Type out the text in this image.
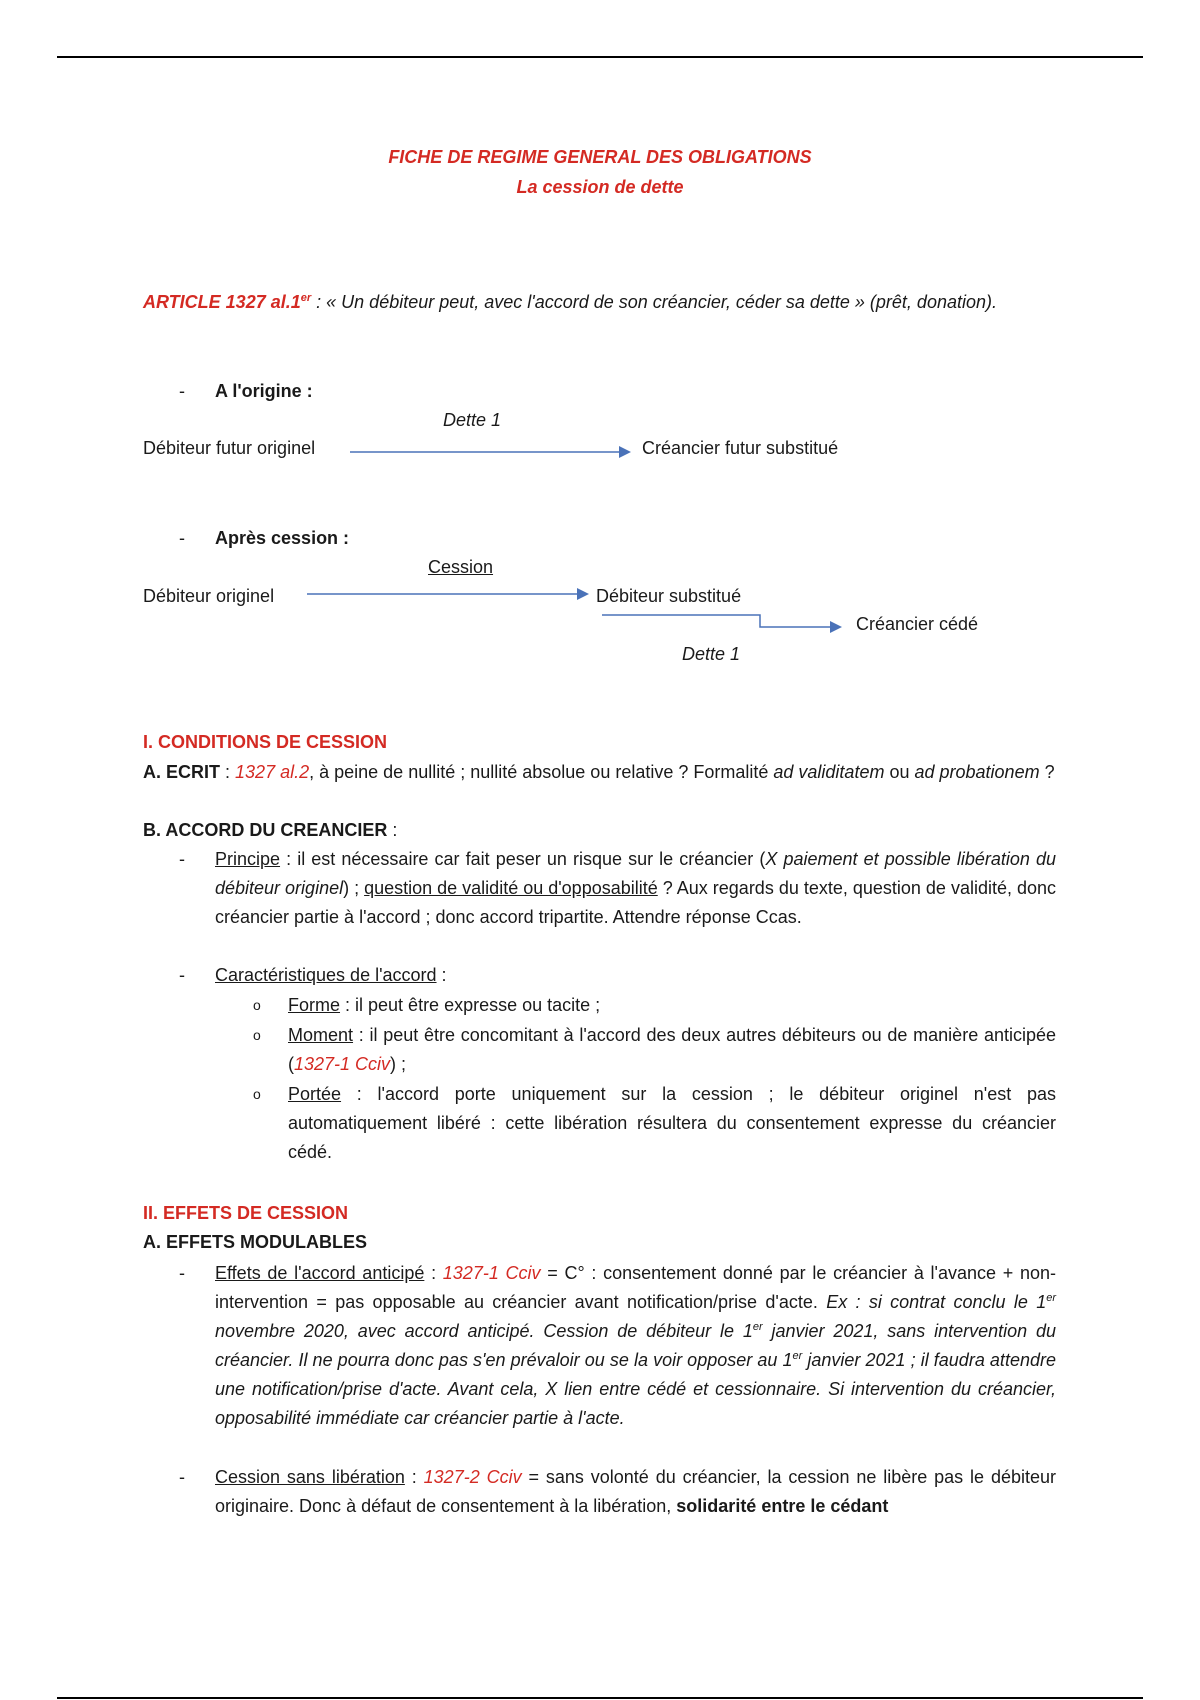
FICHE DE REGIME GENERAL DES OBLIGATIONS
La cession de dette
ARTICLE 1327 al.1er : « Un débiteur peut, avec l'accord de son créancier, céder sa dette » (prêt, donation).
- A l'origine :
Dette 1
Débiteur futur originel	Créancier futur substitué
- Après cession :
Cession
Débiteur originel	Débiteur substitué
Créancier cédé
Dette 1
I. CONDITIONS DE CESSION
A. ECRIT : 1327 al.2, à peine de nullité ; nullité absolue ou relative ? Formalité ad validitatem ou ad probationem ?
B. ACCORD DU CREANCIER :
- Principe : il est nécessaire car fait peser un risque sur le créancier (X paiement et possible libération du débiteur originel) ; question de validité ou d'opposabilité ? Aux regards du texte, question de validité, donc créancier partie à l'accord ; donc accord tripartite. Attendre réponse Ccas.
- Caractéristiques de l'accord :
o Forme : il peut être expresse ou tacite ;
o Moment : il peut être concomitant à l'accord des deux autres débiteurs ou de manière anticipée (1327-1 Cciv) ;
o Portée : l'accord porte uniquement sur la cession ; le débiteur originel n'est pas automatiquement libéré : cette libération résultera du consentement expresse du créancier cédé.
II. EFFETS DE CESSION
A. EFFETS MODULABLES
- Effets de l'accord anticipé : 1327-1 Cciv = C° : consentement donné par le créancier à l'avance + non-intervention = pas opposable au créancier avant notification/prise d'acte. Ex : si contrat conclu le 1er novembre 2020, avec accord anticipé. Cession de débiteur le 1er janvier 2021, sans intervention du créancier. Il ne pourra donc pas s'en prévaloir ou se la voir opposer au 1er janvier 2021 ; il faudra attendre une notification/prise d'acte. Avant cela, X lien entre cédé et cessionnaire. Si intervention du créancier, opposabilité immédiate car créancier partie à l'acte.
- Cession sans libération : 1327-2 Cciv = sans volonté du créancier, la cession ne libère pas le débiteur originaire. Donc à défaut de consentement à la libération, solidarité entre le cédant
